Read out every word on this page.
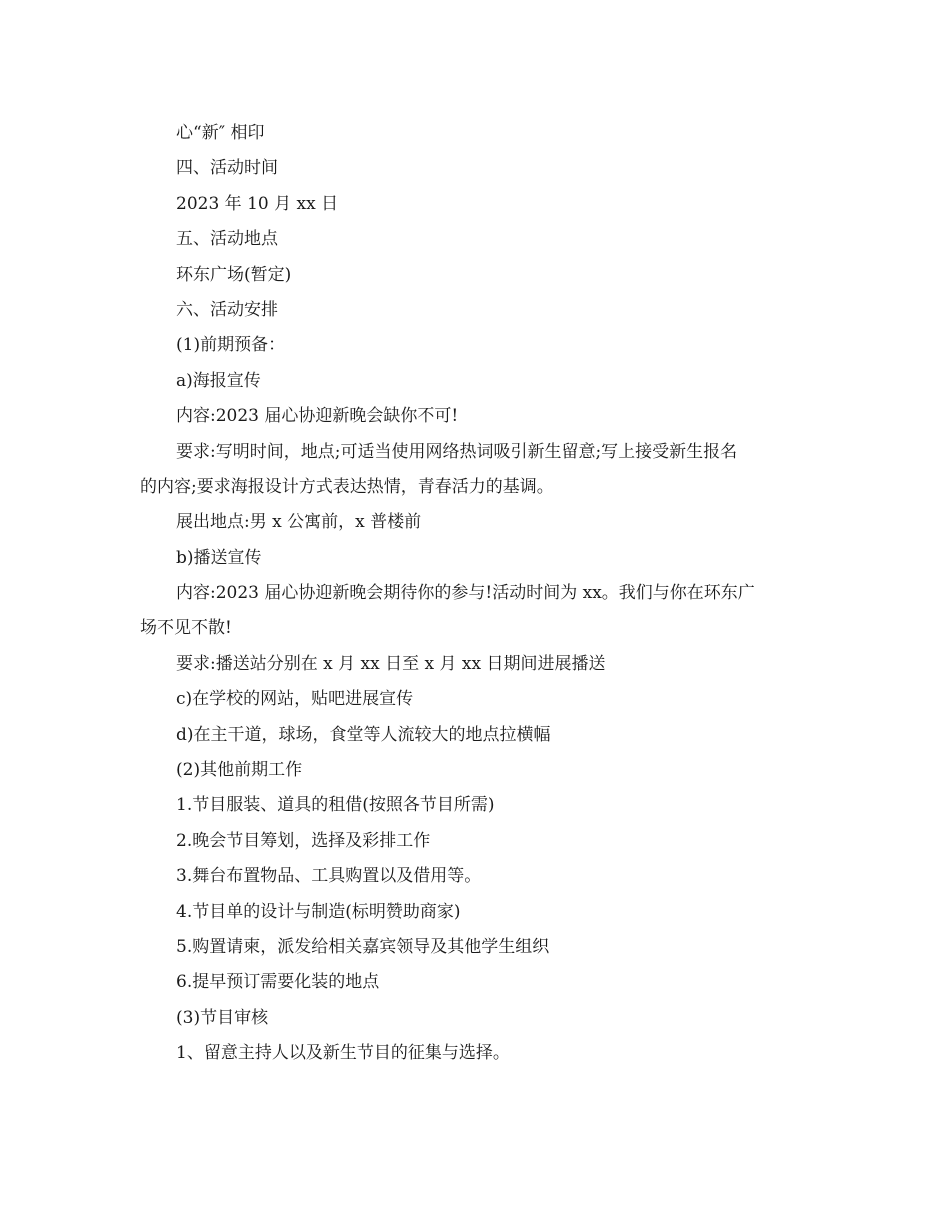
心“新″ 相印
四、活动时间
2023 年 10 月 xx 日
五、活动地点
环东广场(暂定)
六、活动安排
(1)前期预备：
a)海报宣传
内容:2023 届心协迎新晚会缺你不可!
要求:写明时间，地点;可适当使用网络热词吸引新生留意;写上接受新生报名
的内容;要求海报设计方式表达热情，青春活力的基调。
展出地点:男 x 公寓前，x 普楼前
b)播送宣传
内容:2023 届心协迎新晚会期待你的参与!活动时间为 xx。我们与你在环东广
场不见不散!
要求:播送站分别在 x 月 xx 日至 x 月 xx 日期间进展播送
c)在学校的网站，贴吧进展宣传
d)在主干道，球场，食堂等人流较大的地点拉横幅
(2)其他前期工作
1.节目服装、道具的租借(按照各节目所需)
2.晚会节目筹划，选择及彩排工作
3.舞台布置物品、工具购置以及借用等。
4.节目单的设计与制造(标明赞助商家)
5.购置请柬，派发给相关嘉宾领导及其他学生组织
6.提早预订需要化装的地点
(3)节目审核
1、留意主持人以及新生节目的征集与选择。
